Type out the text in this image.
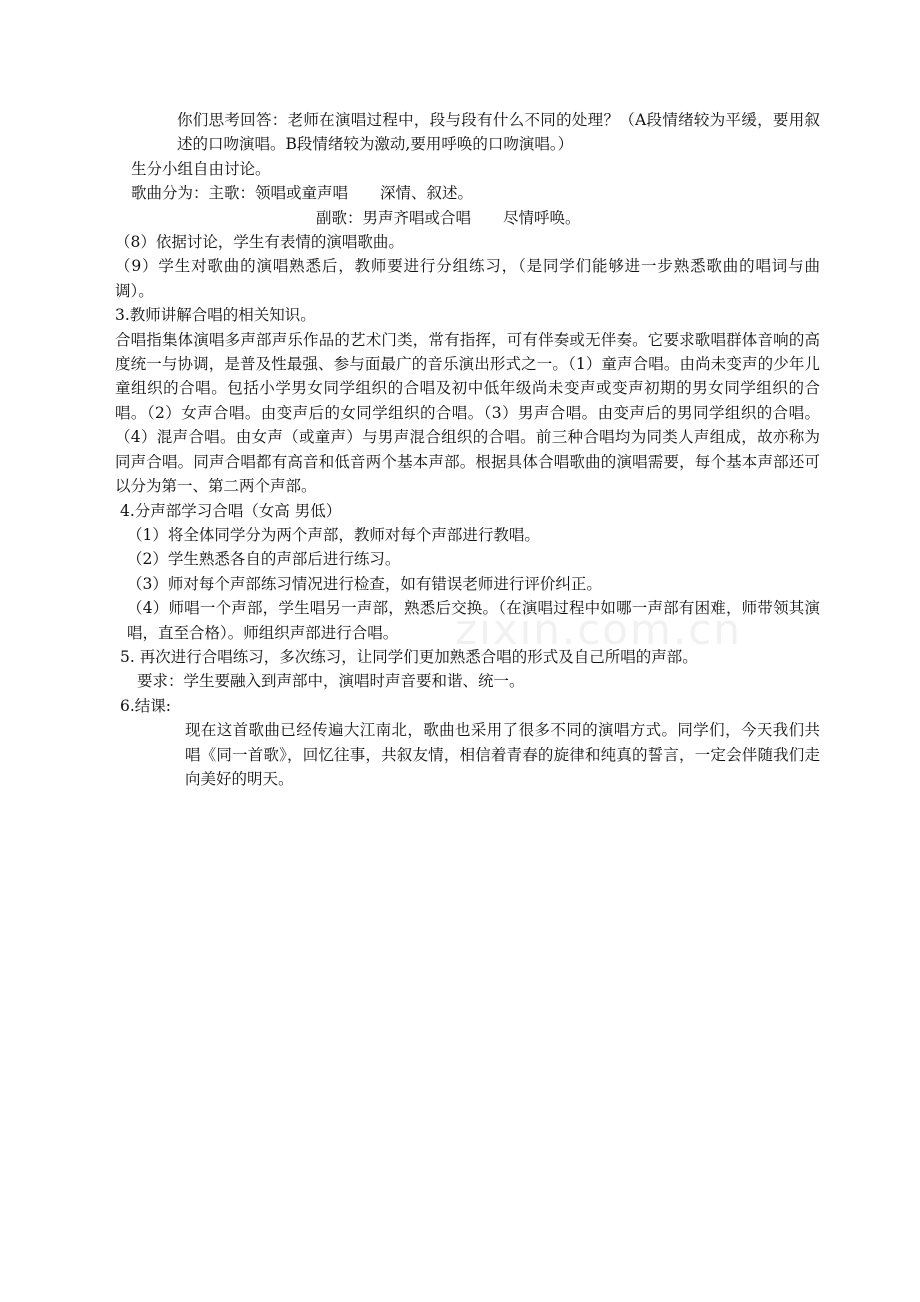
你们思考回答：老师在演唱过程中，段与段有什么不同的处理？（A段情绪较为平缓，要用叙述的口吻演唱。B段情绪较为激动,要用呼唤的口吻演唱。）
生分小组自由讨论。
歌曲分为：主歌：领唱或童声唱 深情、叙述。
副歌：男声齐唱或合唱 尽情呼唤。
（8）依据讨论，学生有表情的演唱歌曲。
（9）学生对歌曲的演唱熟悉后，教师要进行分组练习，（是同学们能够进一步熟悉歌曲的唱词与曲调）。
3.教师讲解合唱的相关知识。
合唱指集体演唱多声部声乐作品的艺术门类，常有指挥，可有伴奏或无伴奏。它要求歌唱群体音响的高度统一与协调，是普及性最强、参与面最广的音乐演出形式之一。（1）童声合唱。由尚未变声的少年儿童组织的合唱。包括小学男女同学组织的合唱及初中低年级尚未变声或变声初期的男女同学组织的合唱。（2）女声合唱。由变声后的女同学组织的合唱。（3）男声合唱。由变声后的男同学组织的合唱。（4）混声合唱。由女声（或童声）与男声混合组织的合唱。前三种合唱均为同类人声组成，故亦称为同声合唱。同声合唱都有高音和低音两个基本声部。根据具体合唱歌曲的演唱需要，每个基本声部还可以分为第一、第二两个声部。
4.分声部学习合唱（女高 男低）
（1）将全体同学分为两个声部，教师对每个声部进行教唱。
（2）学生熟悉各自的声部后进行练习。
（3）师对每个声部练习情况进行检查，如有错误老师进行评价纠正。
（4）师唱一个声部，学生唱另一声部，熟悉后交换。（在演唱过程中如哪一声部有困难，师带领其演唱，直至合格）。师组织声部进行合唱。
5. 再次进行合唱练习，多次练习，让同学们更加熟悉合唱的形式及自己所唱的声部。
要求：学生要融入到声部中，演唱时声音要和谐、统一。
6.结课:
现在这首歌曲已经传遍大江南北，歌曲也采用了很多不同的演唱方式。同学们，今天我们共唱《同一首歌》，回忆往事，共叙友情，相信着青春的旋律和纯真的誓言，一定会伴随我们走向美好的明天。
zixin.com.cn
